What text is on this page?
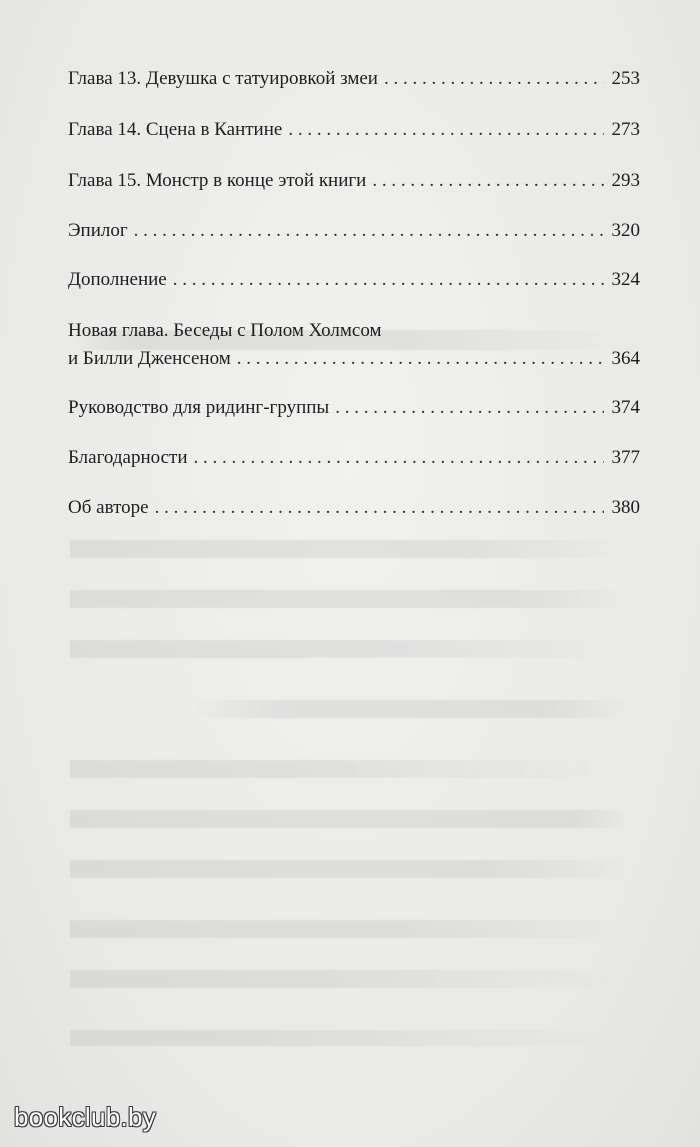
Глава 13. Девушка с татуировкой змеи . . .	253
Глава 14. Сцена в Кантине . . .	273
Глава 15. Монстр в конце этой книги . . .	293
Эпилог . . .	320
Дополнение . . .	324
Новая глава. Беседы с Полом Холмсом
и Билли Дженсеном . . .	364
Руководство для ридинг-группы . . .	374
Благодарности . . .	377
Об авторе . . .	380
bookclub.by
